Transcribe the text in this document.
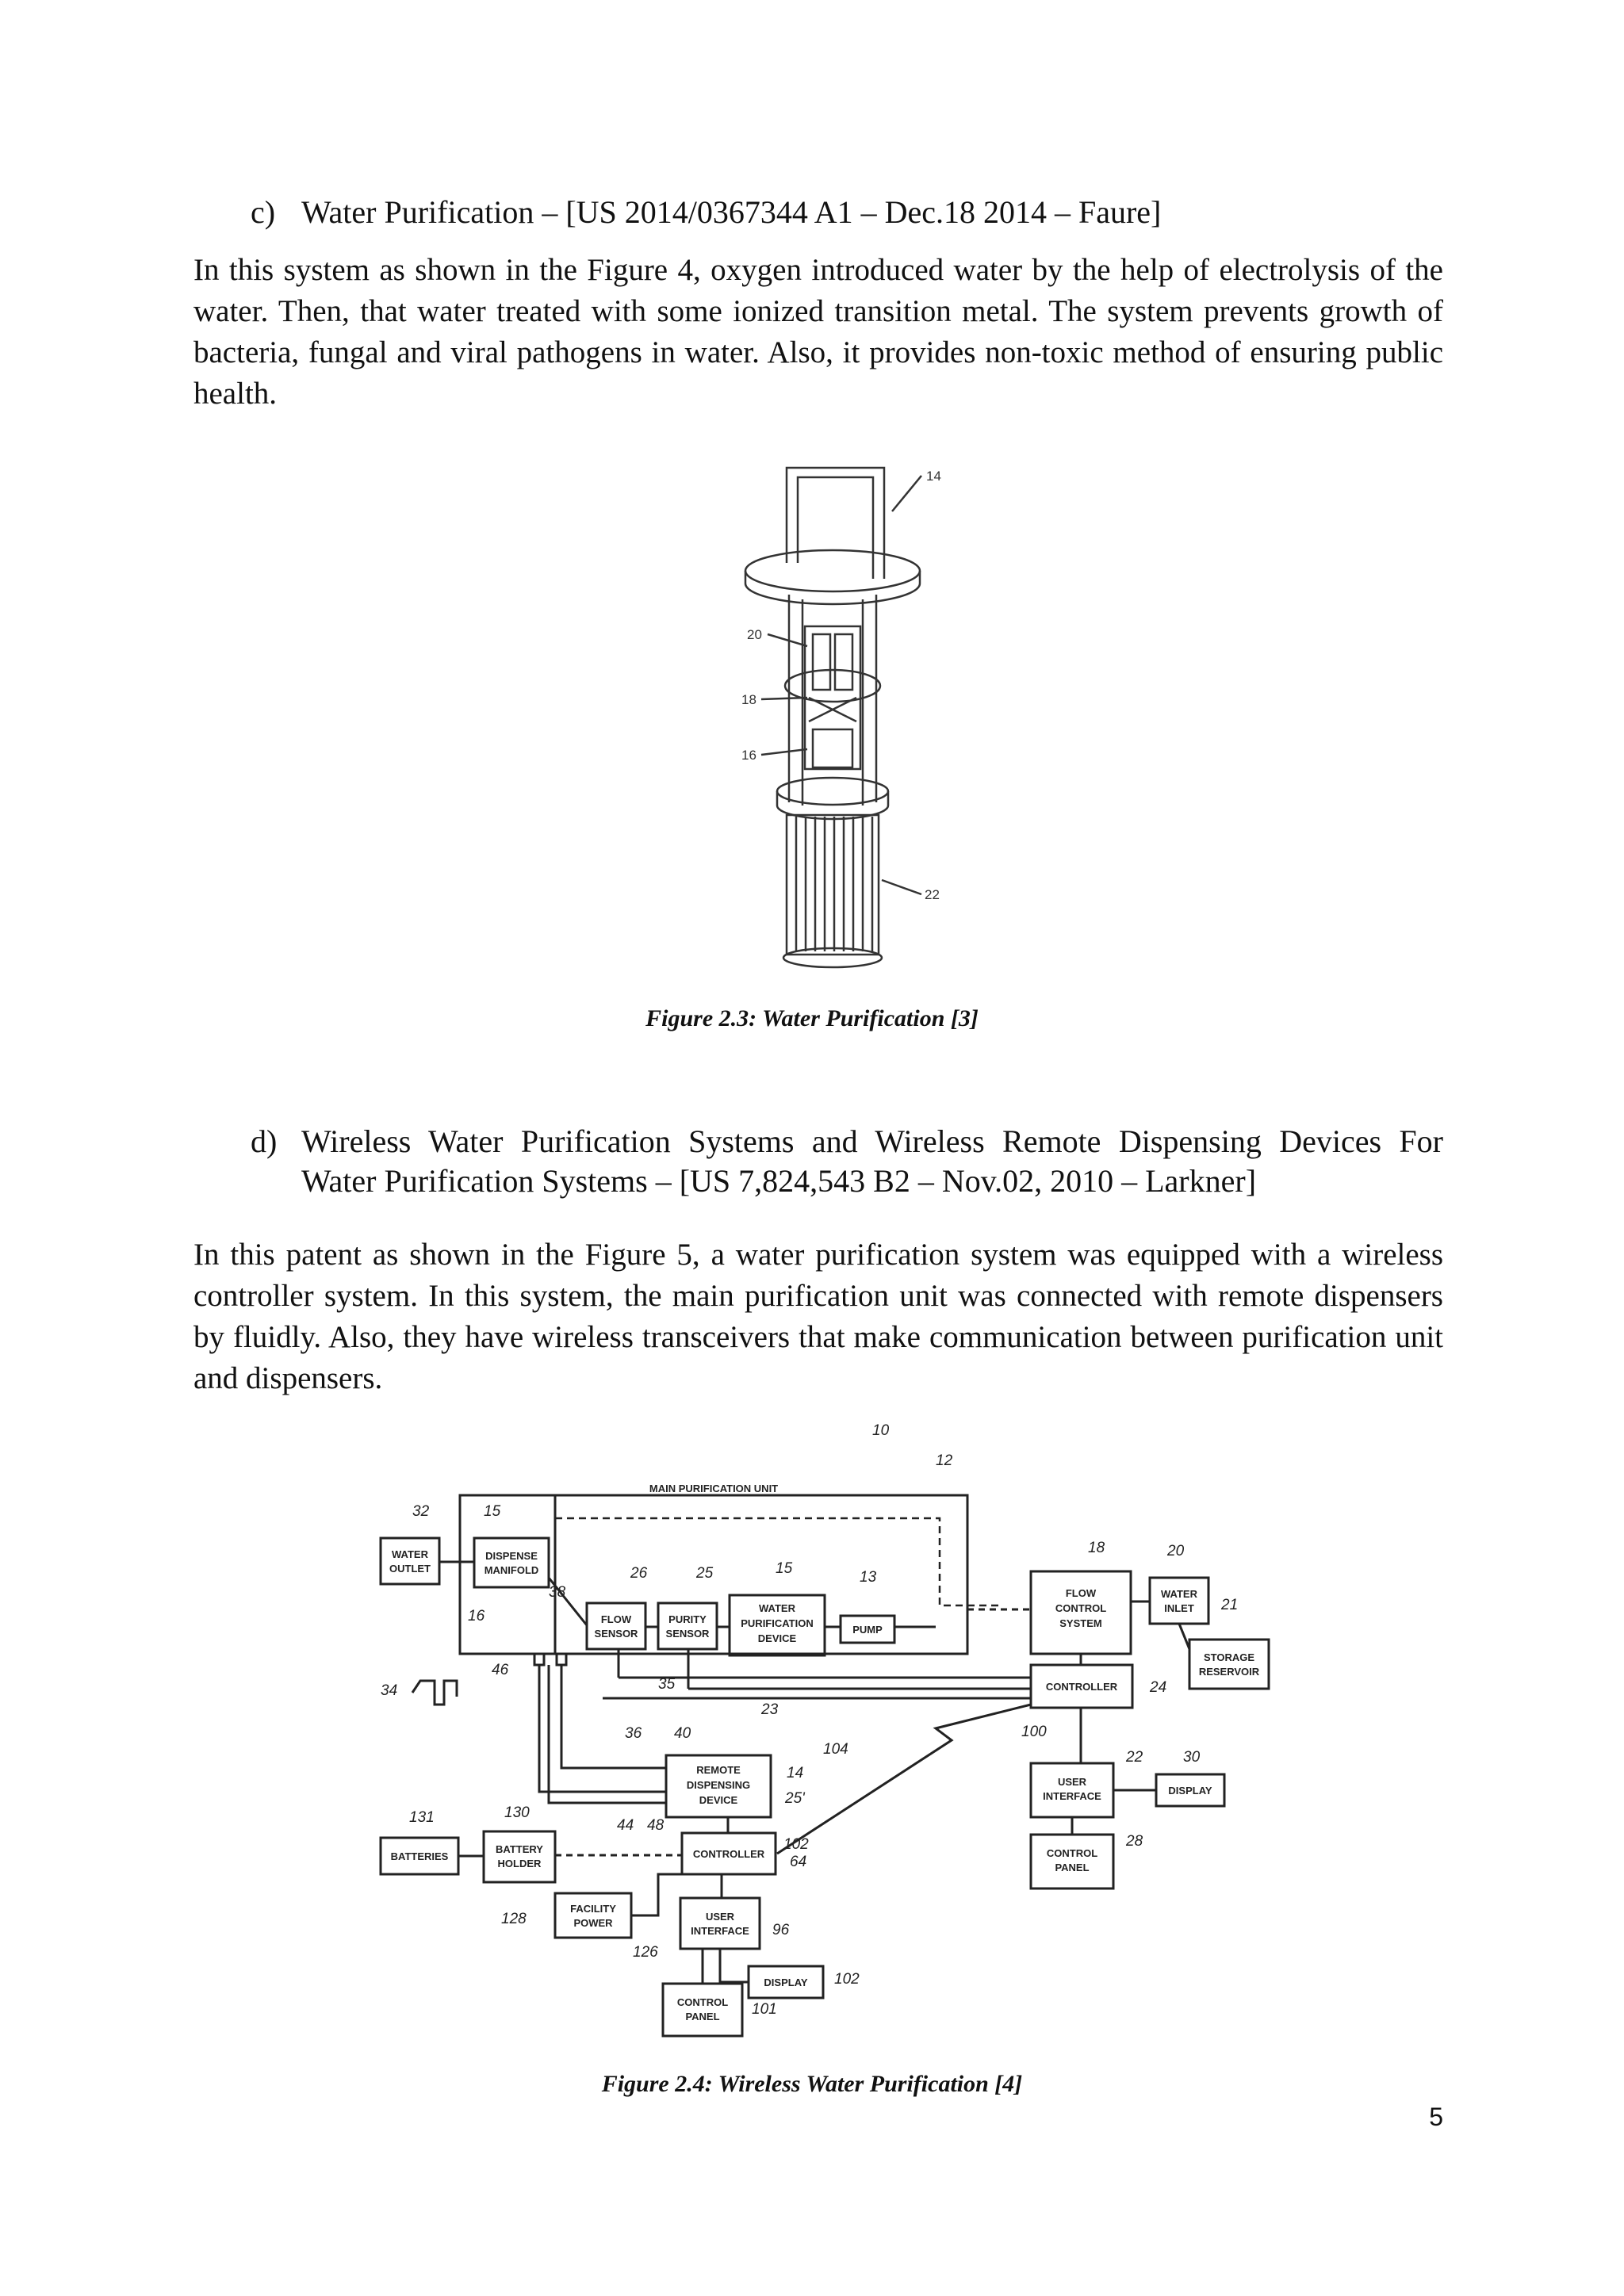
c) Water Purification – [US 2014/0367344 A1 – Dec.18 2014 – Faure]

In this system as shown in the Figure 4, oxygen introduced water by the help of electrolysis of the water. Then, that water treated with some ionized transition metal. The system prevents growth of bacteria, fungal and viral pathogens in water. Also, it provides non-toxic method of ensuring public health.

14
20
18
16
22
Figure 2.3: Water Purification [3]
d) Wireless Water Purification Systems and Wireless Remote Dispensing Devices For
Water Purification Systems – [US 7,824,543 B2 – Nov.02, 2010 – Larkner]

In this patent as shown in the Figure 5, a water purification system was equipped with a wireless controller system. In this system, the main purification unit was connected with remote dispensers by fluidly. Also, they have wireless transceivers that make communication between purification unit and dispensers.

MAIN PURIFICATION UNIT
WATER
OUTLET
DISPENSE
MANIFOLD
FLOW
SENSOR
PURITY
SENSOR
WATER
PURIFICATION
DEVICE
PUMP
FLOW
CONTROL
SYSTEM
WATER
INLET
STORAGE
RESERVOIR
CONTROLLER
REMOTE
DISPENSING
DEVICE
USER
INTERFACE	DISPLAY
CONTROL
PANEL
BATTERIES
BATTERY
HOLDER
CONTROLLER
FACILITY
POWER
USER
INTERFACE
DISPLAY
CONTROL
PANEL
10
12
32	15
16
38
26	25	15
13
18	20
21
24
46
34	35
23
100
104
36 40
14
25'
22	30
28
131	130
44 48
102
64
128
126
96
102
101
Figure 2.4: Wireless Water Purification [4]
5
